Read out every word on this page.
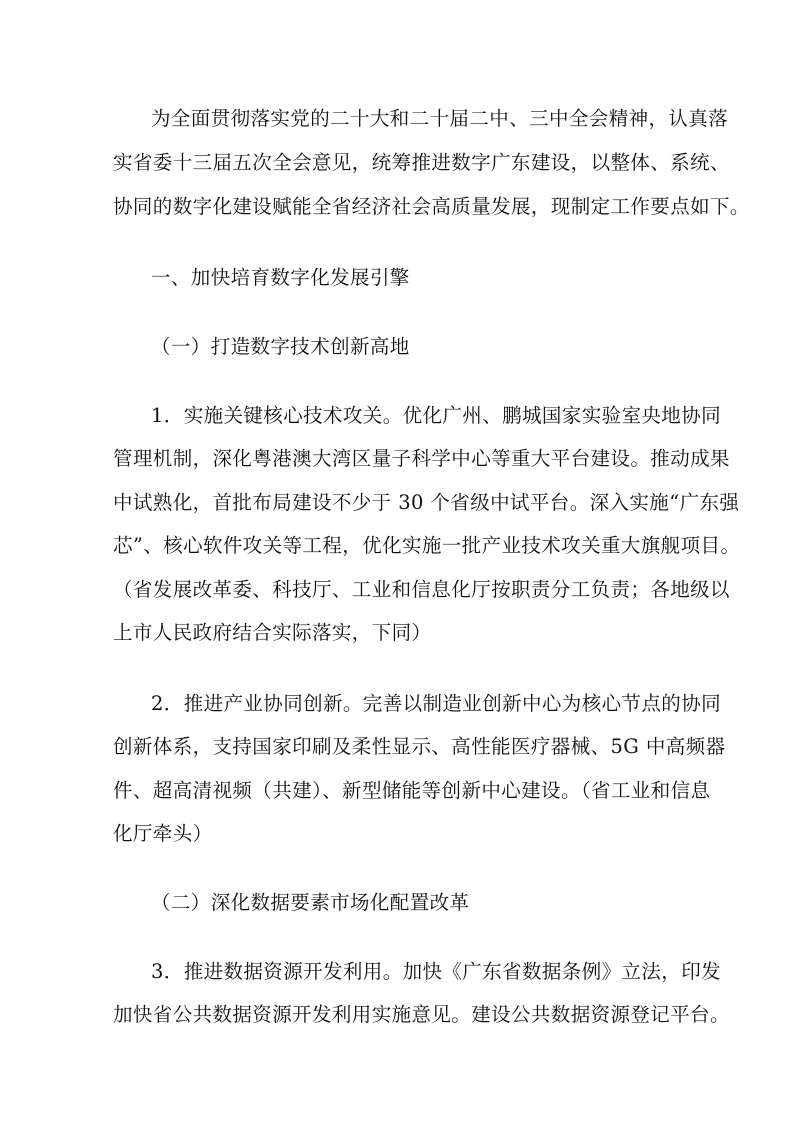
为全面贯彻落实党的二十大和二十届二中、三中全会精神，认真落
实省委十三届五次全会意见，统筹推进数字广东建设，以整体、系统、
协同的数字化建设赋能全省经济社会高质量发展，现制定工作要点如下。
一、加快培育数字化发展引擎
（一）打造数字技术创新高地
1．实施关键核心技术攻关。优化广州、鹏城国家实验室央地协同
管理机制，深化粤港澳大湾区量子科学中心等重大平台建设。推动成果
中试熟化，首批布局建设不少于 30 个省级中试平台。深入实施“广东强
芯”、核心软件攻关等工程，优化实施一批产业技术攻关重大旗舰项目。
（省发展改革委、科技厅、工业和信息化厅按职责分工负责；各地级以
上市人民政府结合实际落实，下同）
2．推进产业协同创新。完善以制造业创新中心为核心节点的协同
创新体系，支持国家印刷及柔性显示、高性能医疗器械、5G 中高频器
件、超高清视频（共建）、新型储能等创新中心建设。（省工业和信息
化厅牵头）
（二）深化数据要素市场化配置改革
3．推进数据资源开发利用。加快《广东省数据条例》立法，印发
加快省公共数据资源开发利用实施意见。建设公共数据资源登记平台。
